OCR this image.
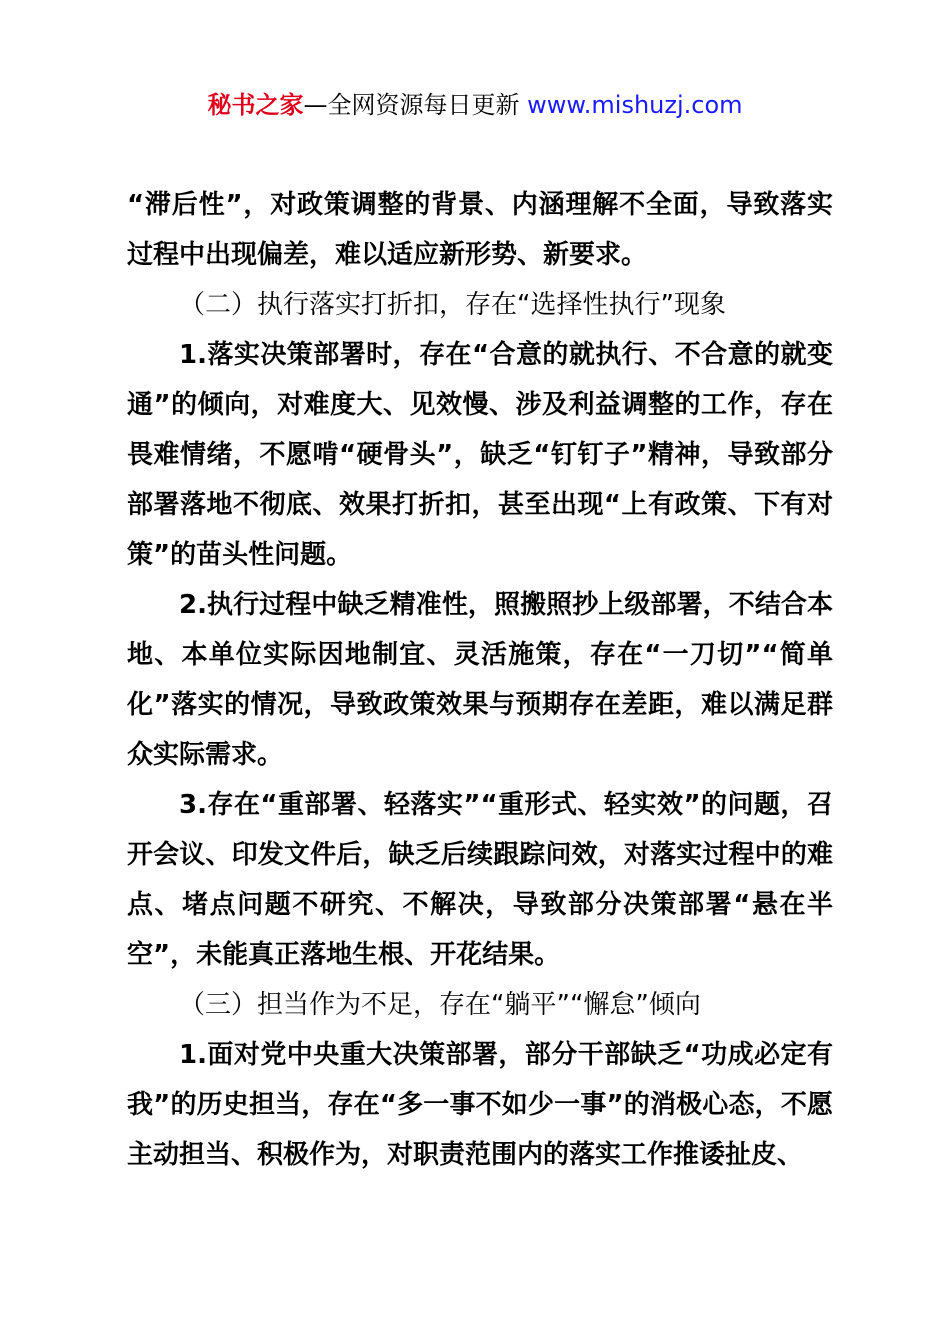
秘书之家—全网资源每日更新 www.mishuzj.com

“滞后性”，对政策调整的背景、内涵理解不全面，导致落实过程中出现偏差，难以适应新形势、新要求。

（二）执行落实打折扣，存在“选择性执行”现象

1.落实决策部署时，存在“合意的就执行、不合意的就变通”的倾向，对难度大、见效慢、涉及利益调整的工作，存在畏难情绪，不愿啃“硬骨头”，缺乏“钉钉子”精神，导致部分部署落地不彻底、效果打折扣，甚至出现“上有政策、下有对策”的苗头性问题。

2.执行过程中缺乏精准性，照搬照抄上级部署，不结合本地、本单位实际因地制宜、灵活施策，存在“一刀切”“简单化”落实的情况，导致政策效果与预期存在差距，难以满足群众实际需求。

3.存在“重部署、轻落实”“重形式、轻实效”的问题，召开会议、印发文件后，缺乏后续跟踪问效，对落实过程中的难点、堵点问题不研究、不解决，导致部分决策部署“悬在半空”，未能真正落地生根、开花结果。

（三）担当作为不足，存在“躺平”“懈怠”倾向

1.面对党中央重大决策部署，部分干部缺乏“功成必定有我”的历史担当，存在“多一事不如少一事”的消极心态，不愿主动担当、积极作为，对职责范围内的落实工作推诿扯皮、
